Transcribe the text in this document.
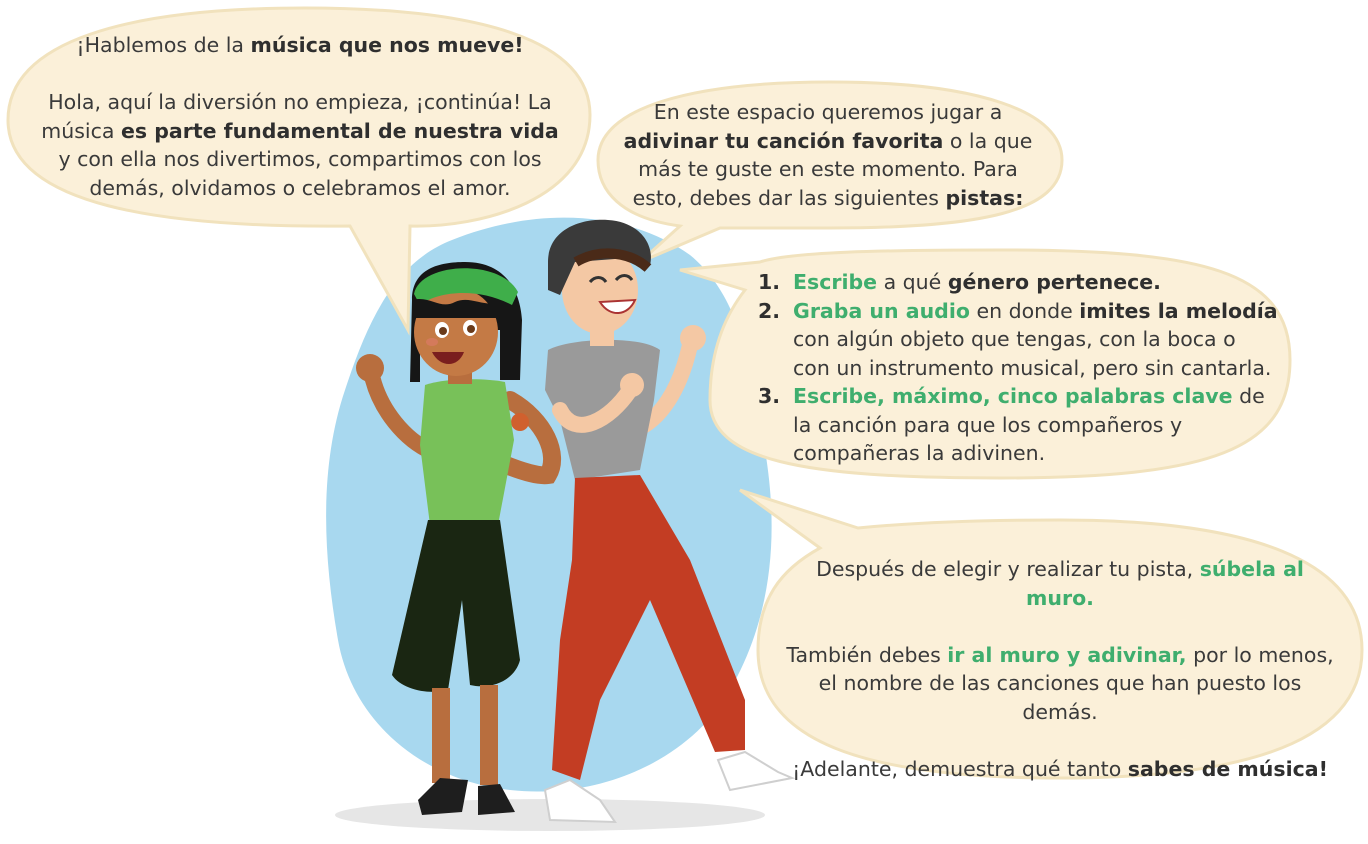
¡Hablemos de la música que nos mueve!

Hola, aquí la diversión no empieza, ¡continúa! La música es parte fundamental de nuestra vida y con ella nos divertimos, compartimos con los demás, olvidamos o celebramos el amor.

En este espacio queremos jugar a adivinar tu canción favorita o la que más te guste en este momento. Para esto, debes dar las siguientes pistas:

1. Escribe a qué género pertenece.
2. Graba un audio en donde imites la melodía con algún objeto que tengas, con la boca o con un instrumento musical, pero sin cantarla.
3. Escribe, máximo, cinco palabras clave de la canción para que los compañeros y compañeras la adivinen.

Después de elegir y realizar tu pista, súbela al muro.

También debes ir al muro y adivinar, por lo menos, el nombre de las canciones que han puesto los demás.

¡Adelante, demuestra qué tanto sabes de música!
